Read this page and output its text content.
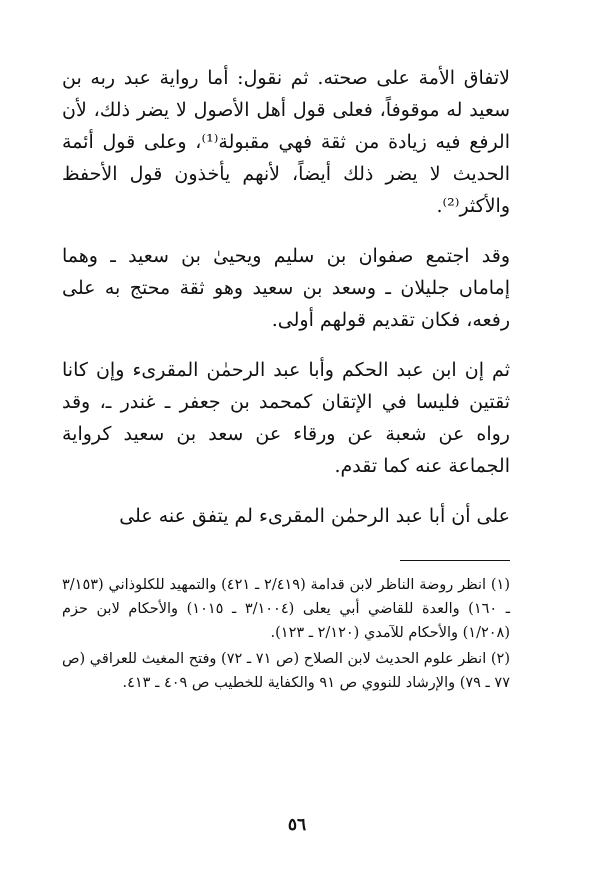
لاتفاق الأمة على صحته. ثم نقول: أما رواية عبد ربه بن سعيد له موقوفاً، فعلى قول أهل الأصول لا يضر ذلك، لأن الرفع فيه زيادة من ثقة فهي مقبولة⁽¹⁾، وعلى قول أئمة الحديث لا يضر ذلك أيضاً، لأنهم يأخذون قول الأحفظ والأكثر⁽²⁾.

وقد اجتمع صفوان بن سليم ويحيىٰ بن سعيد ـ وهما إماماں جليلان ـ وسعد بن سعيد وهو ثقة محتج به على رفعه، فكان تقديم قولهم أولى.

ثم إن ابن عبد الحكم وأبا عبد الرحمٰن المقرىء وإن كانا ثقتين فليسا في الإتقان كمحمد بن جعفر ـ غندر ـ، وقد رواه عن شعبة عن ورقاء عن سعد بن سعيد كرواية الجماعة عنه كما تقدم.

على أن أبا عبد الرحمٰن المقرىء لم يتفق عنه على

(١) انظر روضة الناظر لابن قدامة (٢/٤١٩ ـ ٤٢١) والتمهيد للكلوذاني (٣/١٥٣ ـ ١٦٠) والعدة للقاضي أبي يعلى (٣/١٠٠٤ ـ ١٠١٥) والأحكام لابن حزم (١/٢٠٨) والأحكام للآمدي (٢/١٢٠ ـ ١٢٣).

(٢) انظر علوم الحديث لابن الصلاح (ص ٧١ ـ ٧٢) وفتح المغيث للعراقي (ص ٧٧ ـ ٧٩) والإرشاد للنووي ص ٩١ والكفاية للخطيب ص ٤٠٩ ـ ٤١٣.

٥٦
